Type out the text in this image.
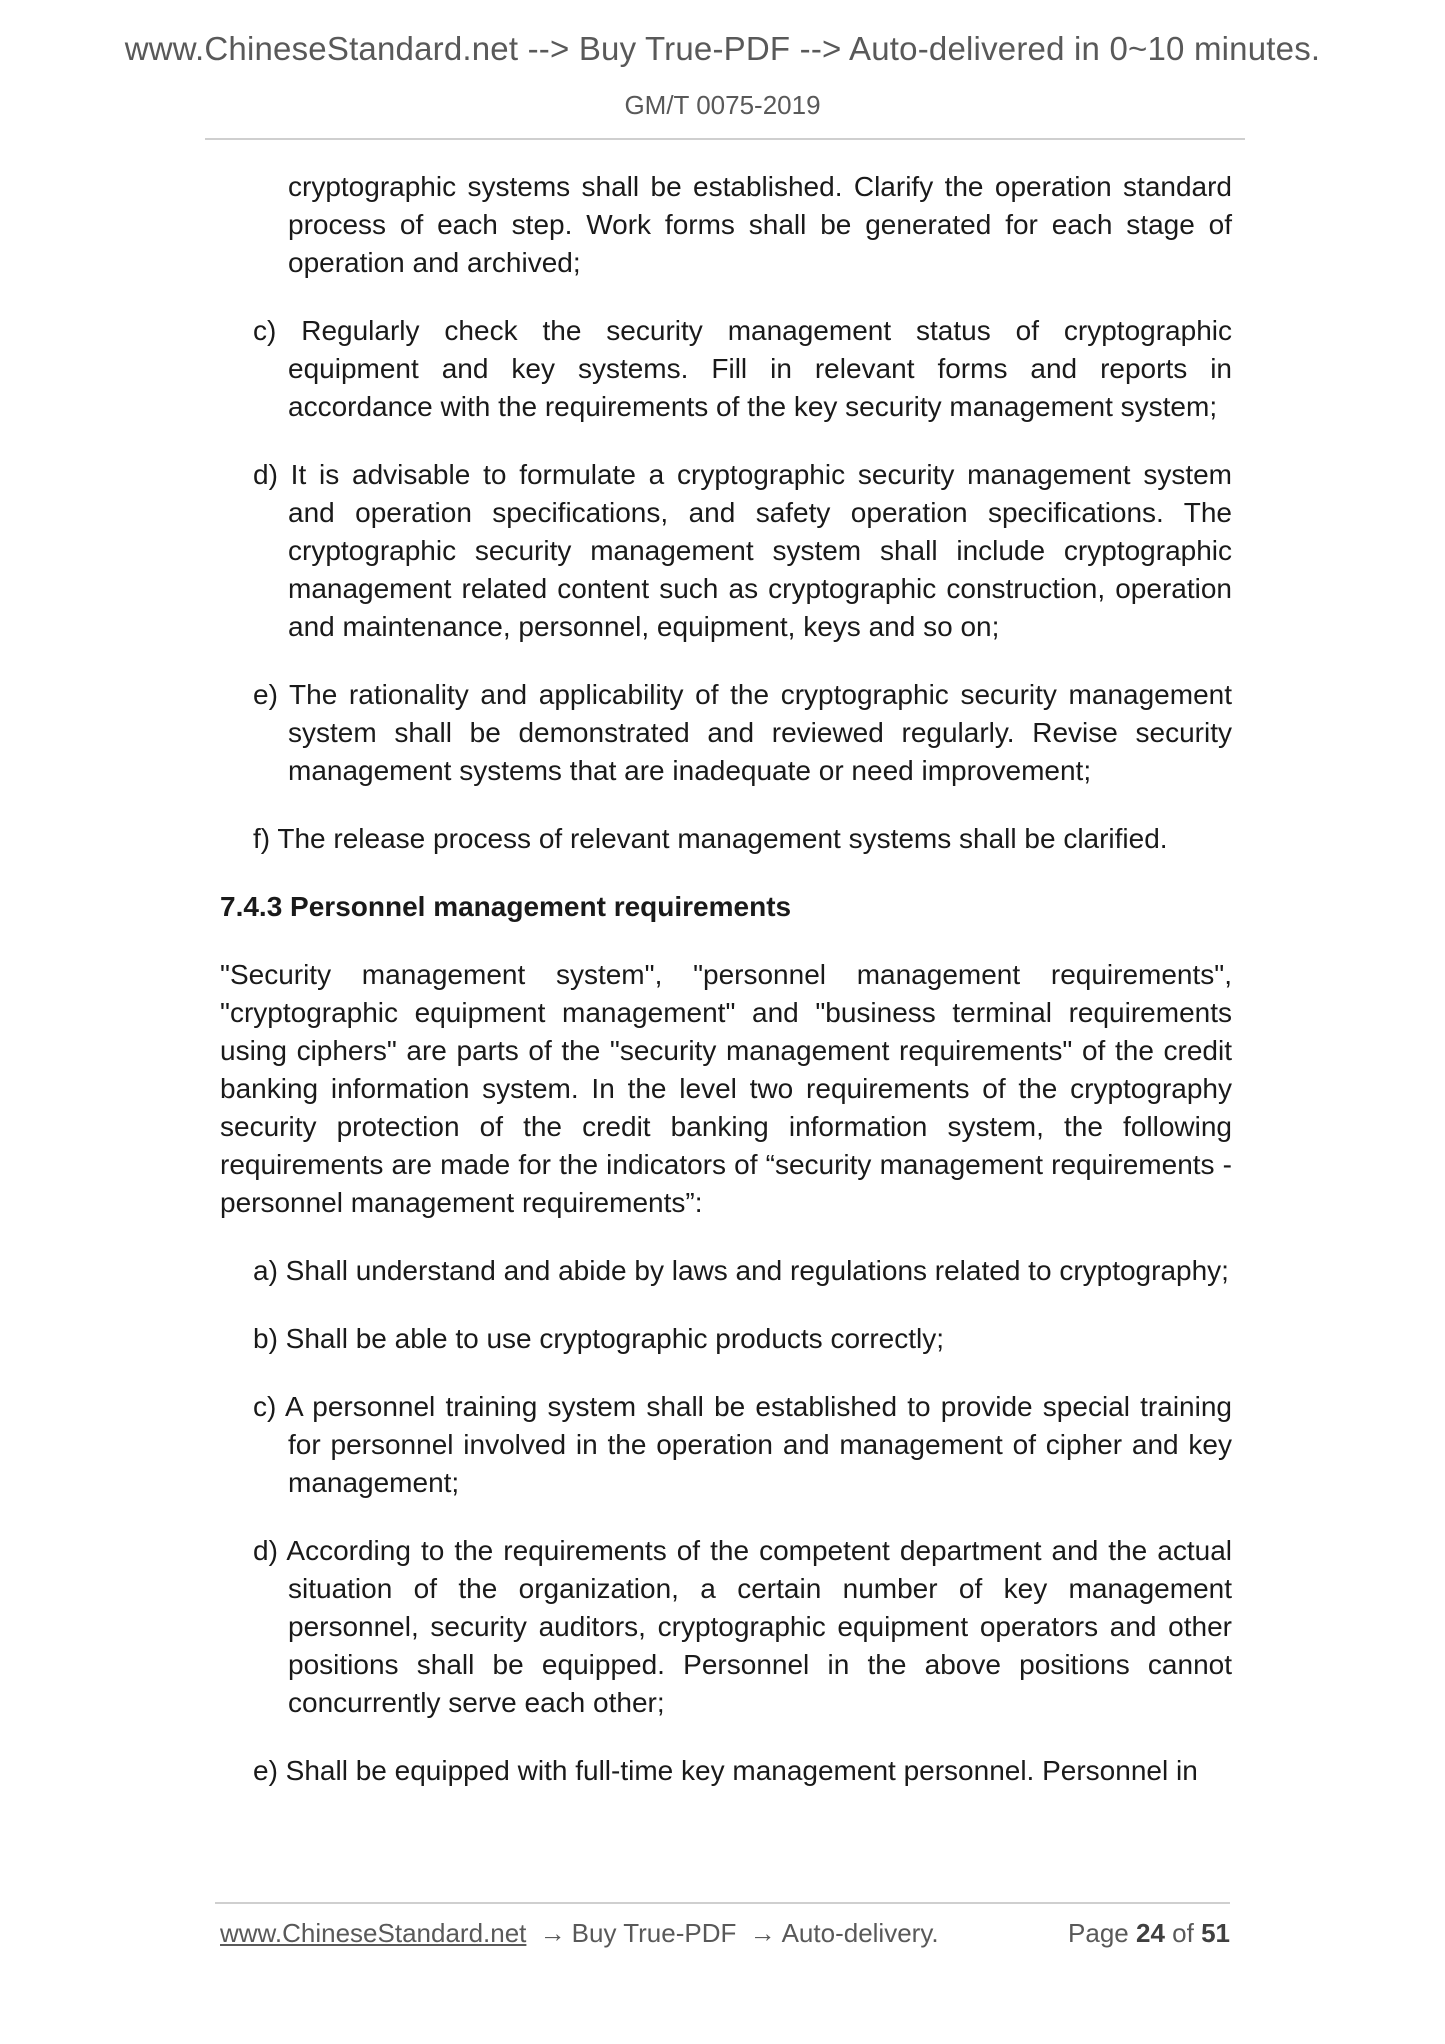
www.ChineseStandard.net --> Buy True-PDF --> Auto-delivered in 0~10 minutes.
GM/T 0075-2019

cryptographic systems shall be established. Clarify the operation standard process of each step. Work forms shall be generated for each stage of operation and archived;

c) Regularly check the security management status of cryptographic equipment and key systems. Fill in relevant forms and reports in accordance with the requirements of the key security management system;

d) It is advisable to formulate a cryptographic security management system and operation specifications, and safety operation specifications. The cryptographic security management system shall include cryptographic management related content such as cryptographic construction, operation and maintenance, personnel, equipment, keys and so on;

e) The rationality and applicability of the cryptographic security management system shall be demonstrated and reviewed regularly. Revise security management systems that are inadequate or need improvement;

f) The release process of relevant management systems shall be clarified.

7.4.3 Personnel management requirements

"Security management system", "personnel management requirements", "cryptographic equipment management" and "business terminal requirements using ciphers" are parts of the "security management requirements" of the credit banking information system. In the level two requirements of the cryptography security protection of the credit banking information system, the following requirements are made for the indicators of “security management requirements - personnel management requirements”:

a) Shall understand and abide by laws and regulations related to cryptography;

b) Shall be able to use cryptographic products correctly;

c) A personnel training system shall be established to provide special training for personnel involved in the operation and management of cipher and key management;

d) According to the requirements of the competent department and the actual situation of the organization, a certain number of key management personnel, security auditors, cryptographic equipment operators and other positions shall be equipped. Personnel in the above positions cannot concurrently serve each other;

e) Shall be equipped with full-time key management personnel. Personnel in

www.ChineseStandard.net → Buy True-PDF → Auto-delivery.	Page 24 of 51
